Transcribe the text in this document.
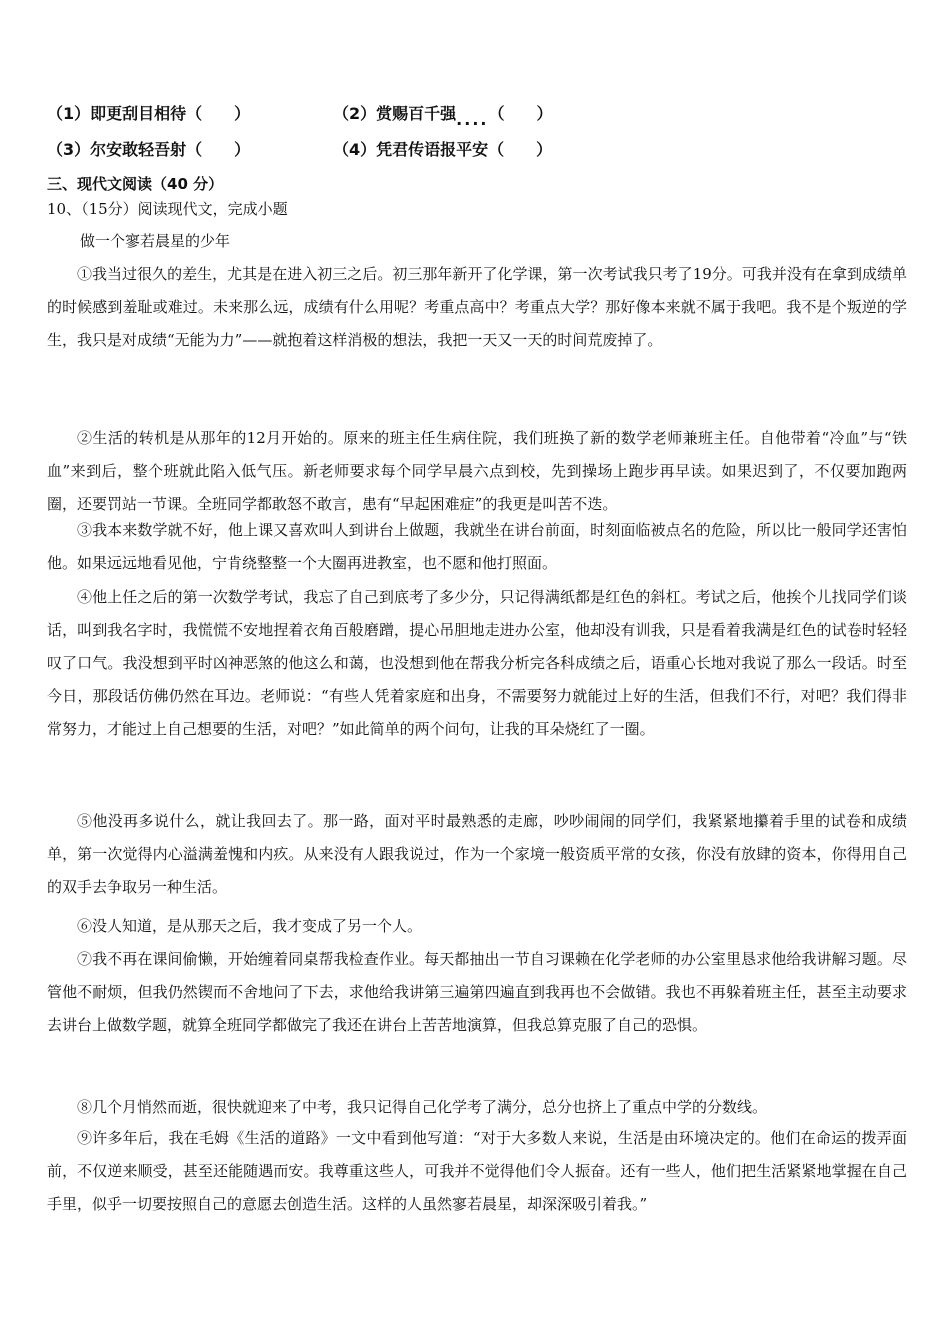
（1）即更刮目相待（　　）	（2）赏赐百千强....（　　）
（3）尔安敢轻吾射（　　）	（4）凭君传语报平安（　　）
三、现代文阅读（40 分）
10、（15分）阅读现代文，完成小题
做一个寥若晨星的少年
①我当过很久的差生，尤其是在进入初三之后。初三那年新开了化学课，第一次考试我只考了19分。可我并没有在拿到成绩单的时候感到羞耻或难过。未来那么远，成绩有什么用呢？考重点高中？考重点大学？那好像本来就不属于我吧。我不是个叛逆的学生，我只是对成绩“无能为力”——就抱着这样消极的想法，我把一天又一天的时间荒废掉了。
②生活的转机是从那年的12月开始的。原来的班主任生病住院，我们班换了新的数学老师兼班主任。自他带着“冷血”与“铁血”来到后，整个班就此陷入低气压。新老师要求每个同学早晨六点到校，先到操场上跑步再早读。如果迟到了，不仅要加跑两圈，还要罚站一节课。全班同学都敢怒不敢言，患有“早起困难症”的我更是叫苦不迭。
③我本来数学就不好，他上课又喜欢叫人到讲台上做题，我就坐在讲台前面，时刻面临被点名的危险，所以比一般同学还害怕他。如果远远地看见他，宁肯绕整整一个大圈再进教室，也不愿和他打照面。
④他上任之后的第一次数学考试，我忘了自己到底考了多少分，只记得满纸都是红色的斜杠。考试之后，他挨个儿找同学们谈话，叫到我名字时，我慌慌不安地捏着衣角百般磨蹭，提心吊胆地走进办公室，他却没有训我，只是看着我满是红色的试卷时轻轻叹了口气。我没想到平时凶神恶煞的他这么和蔼，也没想到他在帮我分析完各科成绩之后，语重心长地对我说了那么一段话。时至今日，那段话仿佛仍然在耳边。老师说：“有些人凭着家庭和出身，不需要努力就能过上好的生活，但我们不行，对吧？我们得非常努力，才能过上自己想要的生活，对吧？”如此简单的两个问句，让我的耳朵烧红了一圈。
⑤他没再多说什么，就让我回去了。那一路，面对平时最熟悉的走廊，吵吵闹闹的同学们，我紧紧地攥着手里的试卷和成绩单，第一次觉得内心溢满羞愧和内疚。从来没有人跟我说过，作为一个家境一般资质平常的女孩，你没有放肆的资本，你得用自己的双手去争取另一种生活。
⑥没人知道，是从那天之后，我才变成了另一个人。
⑦我不再在课间偷懒，开始缠着同桌帮我检查作业。每天都抽出一节自习课赖在化学老师的办公室里恳求他给我讲解习题。尽管他不耐烦，但我仍然锲而不舍地问了下去，求他给我讲第三遍第四遍直到我再也不会做错。我也不再躲着班主任，甚至主动要求去讲台上做数学题，就算全班同学都做完了我还在讲台上苦苦地演算，但我总算克服了自己的恐惧。
⑧几个月悄然而逝，很快就迎来了中考，我只记得自己化学考了满分，总分也挤上了重点中学的分数线。
⑨许多年后，我在毛姆《生活的道路》一文中看到他写道：“对于大多数人来说，生活是由环境决定的。他们在命运的拨弄面前，不仅逆来顺受，甚至还能随遇而安。我尊重这些人，可我并不觉得他们令人振奋。还有一些人，他们把生活紧紧地掌握在自己手里，似乎一切要按照自己的意愿去创造生活。这样的人虽然寥若晨星，却深深吸引着我。”
